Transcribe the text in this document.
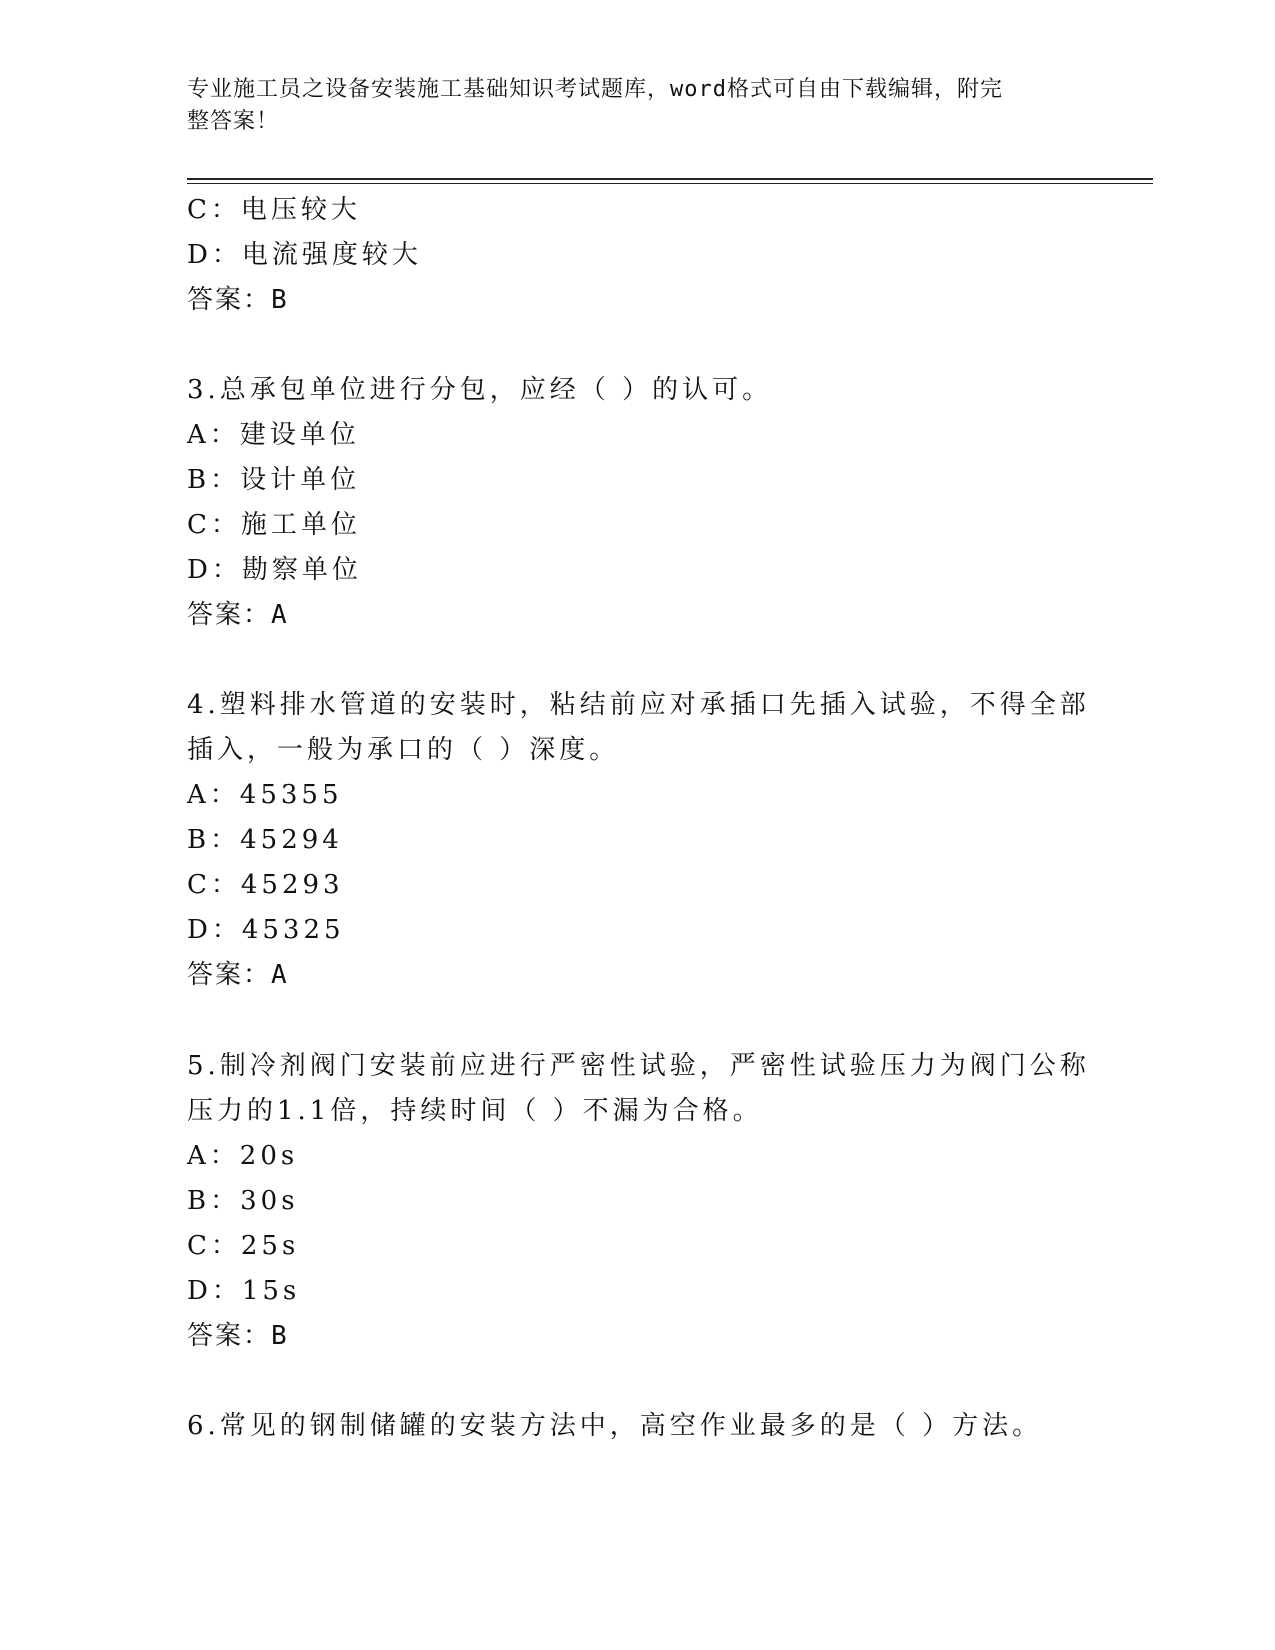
专业施工员之设备安装施工基础知识考试题库，word格式可自由下载编辑，附完
整答案！
C：电压较大
D：电流强度较大
答案：B
3.总承包单位进行分包，应经（ ）的认可。
A：建设单位
B：设计单位
C：施工单位
D：勘察单位
答案：A
4.塑料排水管道的安装时，粘结前应对承插口先插入试验，不得全部
插入，一般为承口的（ ）深度。
A：45355
B：45294
C：45293
D：45325
答案：A
5.制冷剂阀门安装前应进行严密性试验，严密性试验压力为阀门公称
压力的1.1倍，持续时间（ ）不漏为合格。
A：20s
B：30s
C：25s
D：15s
答案：B
6.常见的钢制储罐的安装方法中，高空作业最多的是（ ）方法。
